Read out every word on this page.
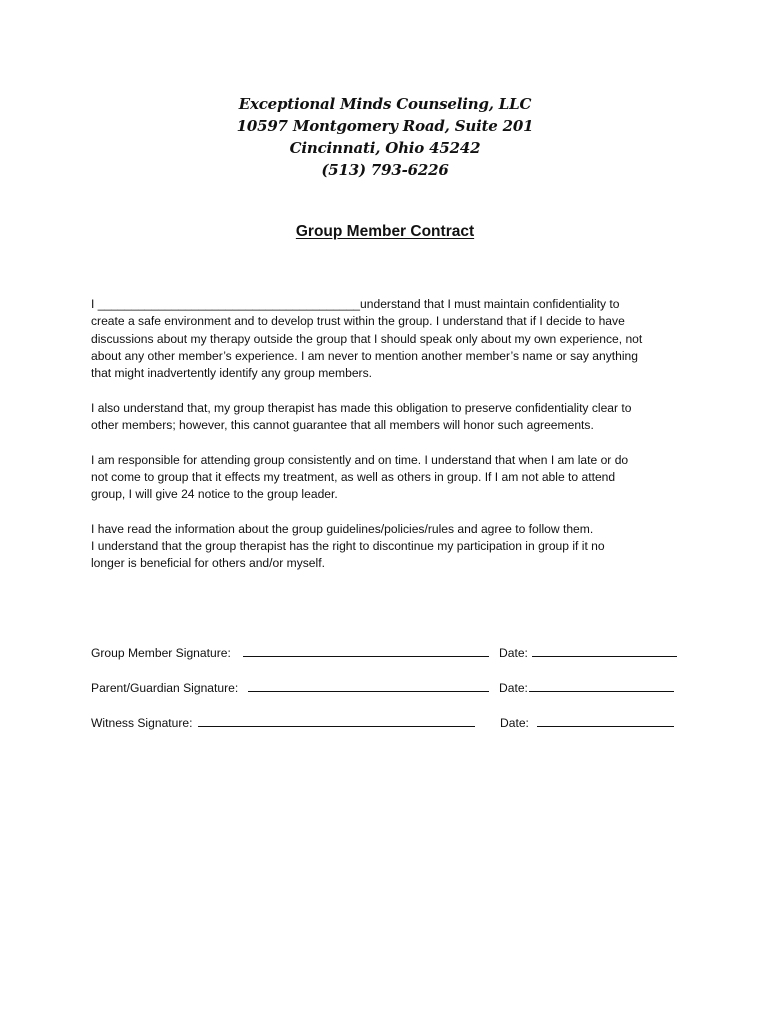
Exceptional Minds Counseling, LLC
10597 Montgomery Road, Suite 201
Cincinnati, Ohio 45242
(513) 793-6226
Group Member Contract

I _______________________________________understand that I must maintain confidentiality to
create a safe environment and to develop trust within the group. I understand that if I decide to have
discussions about my therapy outside the group that I should speak only about my own experience, not
about any other member’s experience. I am never to mention another member’s name or say anything
that might inadvertently identify any group members.

I also understand that, my group therapist has made this obligation to preserve confidentiality clear to
other members; however, this cannot guarantee that all members will honor such agreements.

I am responsible for attending group consistently and on time. I understand that when I am late or do
not come to group that it effects my treatment, as well as others in group. If I am not able to attend
group, I will give 24 notice to the group leader.

I have read the information about the group guidelines/policies/rules and agree to follow them.
I understand that the group therapist has the right to discontinue my participation in group if it no
longer is beneficial for others and/or myself.

Group Member Signature:	Date:
Parent/Guardian Signature:	Date:
Witness Signature:	Date:
